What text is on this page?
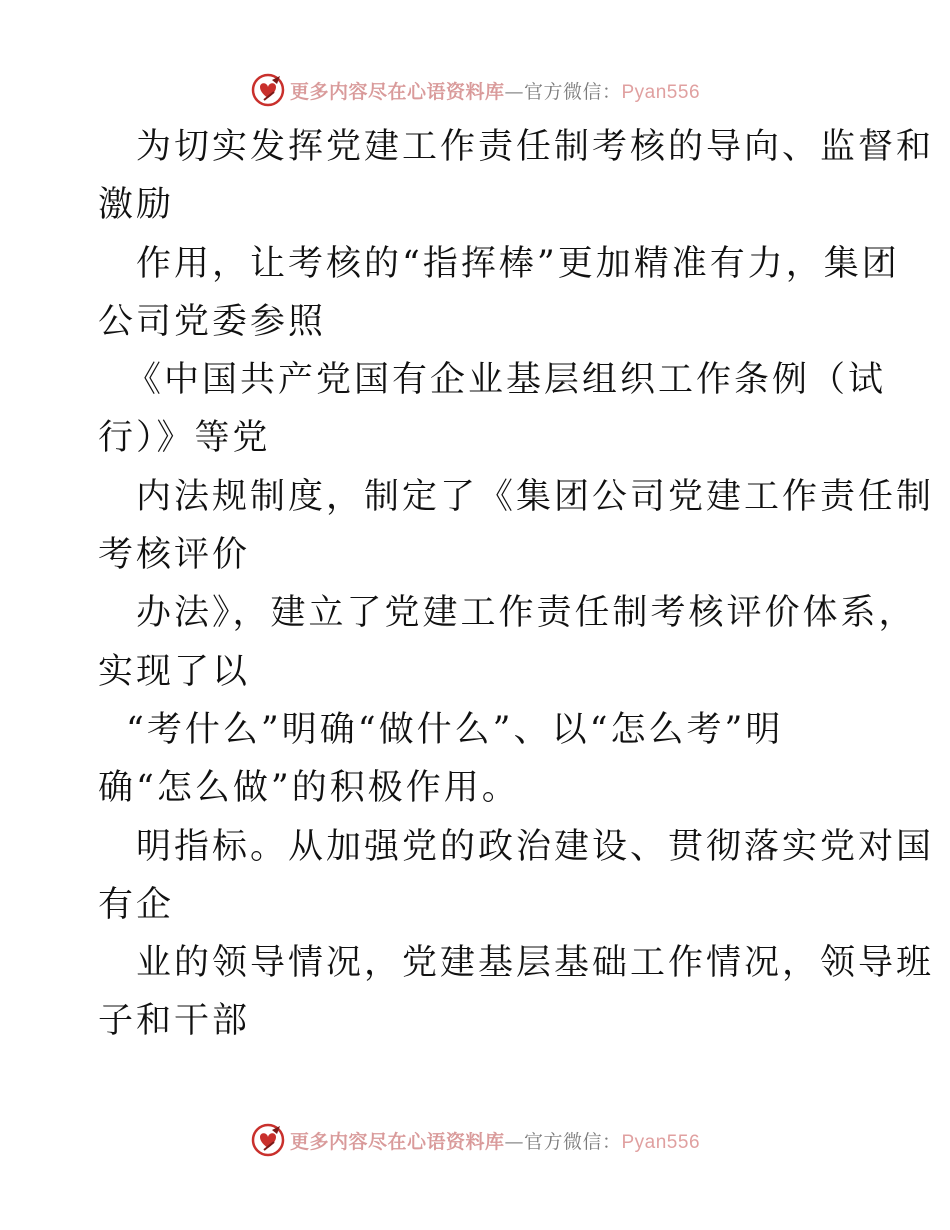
更多内容尽在心语资料库—官方微信：Pyan556
为切实发挥党建工作责任制考核的导向、监督和
激励
作用，让考核的“指挥棒”更加精准有力，集团
公司党委参照
《中国共产党国有企业基层组织工作条例（试
行）》等党
内法规制度，制定了《集团公司党建工作责任制
考核评价
办法》，建立了党建工作责任制考核评价体系，
实现了以
“考什么”明确“做什么”、以“怎么考”明
确“怎么做”的积极作用。
明指标。从加强党的政治建设、贯彻落实党对国
有企
业的领导情况，党建基层基础工作情况，领导班
子和干部
更多内容尽在心语资料库—官方微信：Pyan556
